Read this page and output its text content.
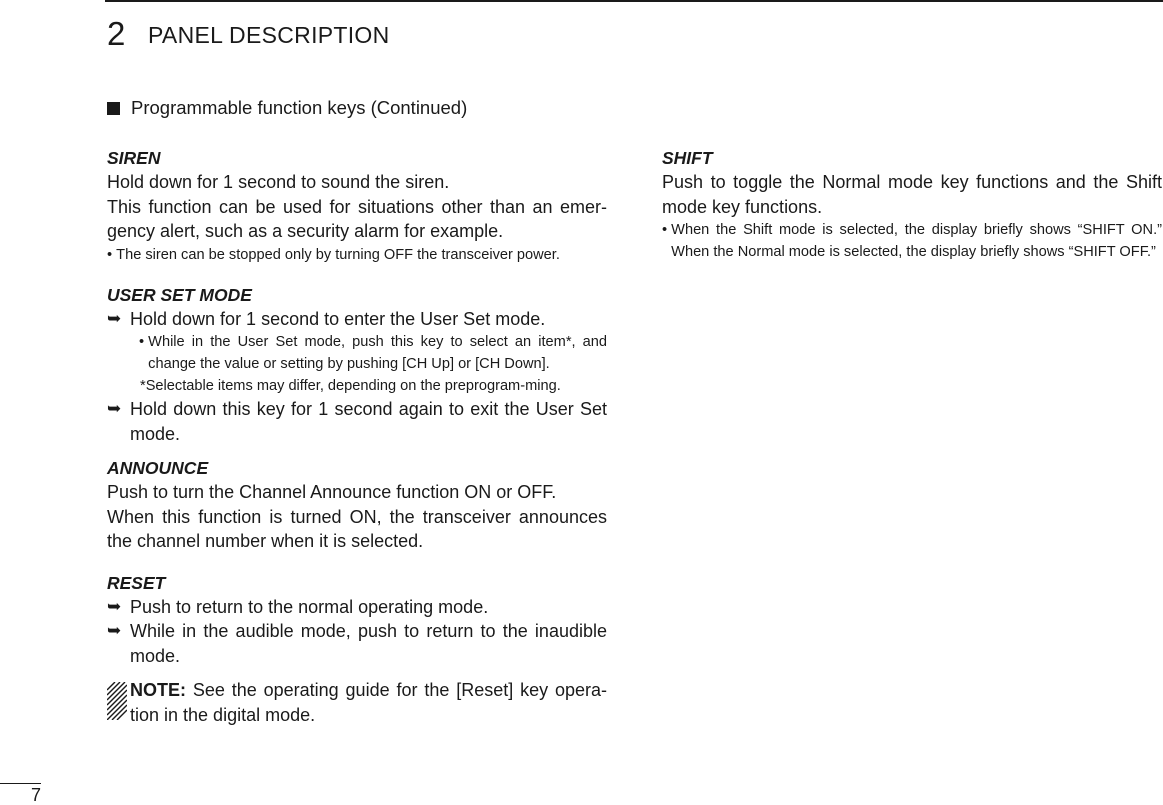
2 PANEL DESCRIPTION
Programmable function keys (Continued)
SIREN

Hold down for 1 second to sound the siren.

This function can be used for situations other than an emer-gency alert, such as a security alarm for example.

•
The siren can be stopped only by turning OFF the transceiver power.
USER SET MODE
➥ Hold down for 1 second to enter the User Set mode.
•
While in the User Set mode, push this key to select an item*, and change the value or setting by pushing [CH Up] or [CH Down].
* Selectable items may differ, depending on the preprogram-ming.
➥ Hold down this key for 1 second again to exit the User Set mode.
ANNOUNCE

Push to turn the Channel Announce function ON or OFF.

When this function is turned ON, the transceiver announces the channel number when it is selected.

RESET
➥ Push to return to the normal operating mode.
➥ While in the audible mode, push to return to the inaudible mode.
NOTE: See the operating guide for the [Reset] key opera-tion in the digital mode.
SHIFT

Push to toggle the Normal mode key functions and the Shift mode key functions.

•
When the Shift mode is selected, the display briefly shows “SHIFT ON.” When the Normal mode is selected, the display briefly shows “SHIFT OFF.”
7
